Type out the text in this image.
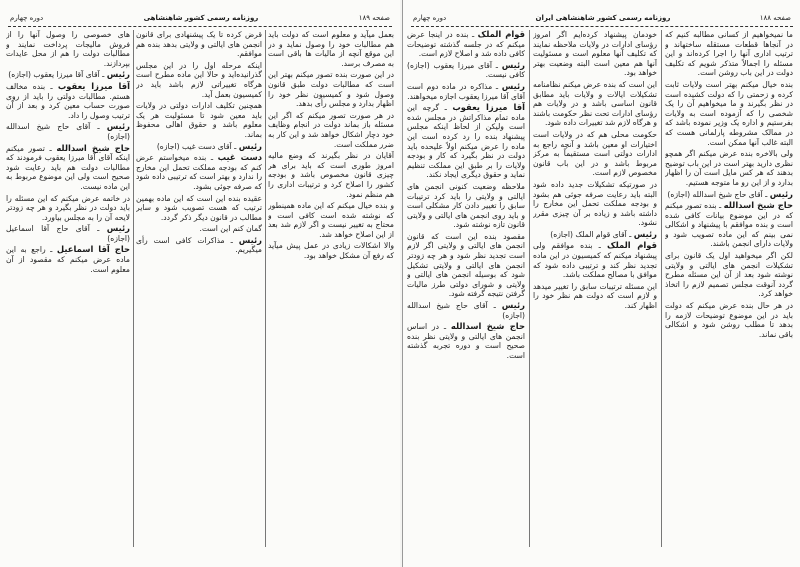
صفحه ۱۸۹
روزنامه رسمی کشور شاهنشاهی
دوره چهارم

بعمل میآید و معلوم است که دولت باید هم مطالبات خود را وصول نماید و در این موقع آنچه از مالیات ها باقی است به مصرف برسد.

در این صورت بنده تصور میکنم بهتر این است که مطالبات دولت طبق قانون وصول شود و کمیسیون نظر خود را اظهار بدارد و مجلس رأی بدهد.

در هر صورت تصور میکنم که اگر این مسئله باز بماند دولت در انجام وظایف خود دچار اشکال خواهد شد و این کار به ضرر مملکت است.

آقایان در نظر بگیرند که وضع مالیه امروز طوری است که باید برای هر چیزی قانون مخصوص باشد و بودجه کشور را اصلاح کرد و ترتیبات اداری را هم منظم نمود.

و بنده خیال میکنم که این ماده همینطور که نوشته شده است کافی است و محتاج به تغییر نیست و اگر لازم شد بعد از این اصلاح خواهد شد.

والا اشکالات زیادی در عمل پیش میآید که رفع آن مشکل خواهد بود.

قرض کرده تا یک پیشنهادی برای قانون انجمن های ایالتی و ولایتی بدهد بنده هم موافقم.

اینکه مرحله اول را در این مجلس گذرانیده‌اید و حالا این ماده مطرح است هرگاه تغییراتی لازم باشد باید در کمیسیون بعمل آید.

همچنین تکلیف ادارات دولتی در ولایات باید معین شود تا مسئولیت هر یک معلوم باشد و حقوق اهالی محفوظ بماند.

رئیس ـ آقای دست غیب (اجازه)

دست غیب ـ بنده میخواستم عرض کنم که بودجه مملکت تحمل این مخارج را ندارد و بهتر است که ترتیبی داده شود که صرفه جوئی بشود.

عقیده بنده این است که این ماده بهمین ترتیب که هست تصویب شود و سایر مطالب در قانون دیگر ذکر گردد.

گمان کنم این است.

رئیس ـ مذاکرات کافی است رأی میگیریم.

های خصوصی را وصول آنها را از فروش مالیجات پرداخت نمایند و مطالبات دولت را هم از محل عایدات بپردازند.

رئیس ـ آقای آقا میرزا یعقوب (اجازه)

آقا میرزا یعقوب ـ بنده مخالف هستم. مطالبات دولتی را باید از روی صورت حساب معین کرد و بعد از آن ترتیب وصول را داد.

رئیس ـ آقای حاج شیخ اسدالله (اجازه)

حاج شیخ اسدالله ـ تصور میکنم اینکه آقای آقا میرزا یعقوب فرمودند که مطالبات دولت هم باید رعایت شود صحیح است ولی این موضوع مربوط به این ماده نیست.

در خاتمه عرض میکنم که این مسئله را باید دولت در نظر بگیرد و هر چه زودتر لایحه آن را به مجلس بیاورد.

رئیس ـ آقای حاج آقا اسماعیل (اجازه)

حاج آقا اسماعیل ـ راجع به این ماده عرض میکنم که مقصود از آن معلوم است.

صفحه ۱۸۸
روزنامه رسمی کشور شاهنشاهی ایران
دوره چهارم

ما نمیخواهیم از کسانی مطالبه کنیم که در آنجاها قطعات مستقله ساختهاند و ترتیب اداری آنها را اجرا کرده‌اند و این مسئله را اجمالاً متذکر شویم که تکلیف دولت در این باب روشن است.

بنده خیال میکنم بهتر است ولایات ثابت کرده و زحمتی را که دولت کشیده است در نظر بگیرند و ما میخواهیم آن را یک شخصی را که آزموده است به ولایات بفرستیم و اداره یک وزیر نموده باشد که در ممالک مشروطه پارلمانی هست که البته غالب آنها ممکن است.

ولی بالاخره بنده عرض میکنم اگر همچو نظری دارید بهتر است در این باب توضیح بدهند که هر کس مایل است آن را اظهار بدارد و از این رو ما متوجه هستیم.

رئیس ـ آقای حاج شیخ اسدالله (اجازه)

حاج شیخ اسدالله ـ بنده تصور میکنم که در این موضوع بیانات کافی شده است و بنده موافقم با پیشنهاد و اشکالی نمی بینم که این ماده تصویب شود و ولایات دارای انجمن باشند.

لکن اگر میخواهید اول یک قانون برای تشکیلات انجمن های ایالتی و ولایتی نوشته شود بعد از آن این مسئله مطرح گردد آنوقت مجلس تصمیم لازم را اتخاذ خواهد کرد.

در هر حال بنده عرض میکنم که دولت باید در این موضوع توضیحات لازمه را بدهد تا مطلب روشن شود و اشکالی باقی نماند.

خودمان پیشنهاد کرده‌ایم اگر امروز رؤسای ادارات در ولایات ملاحظه نمایند که تکلیف آنها معلوم است و مسئولیت آنها هم معین است البته وضعیت بهتر خواهد بود.

این است که بنده عرض میکنم نظامنامه تشکیلات ایالات و ولایات باید مطابق قانون اساسی باشد و در ولایات هم رؤسای ادارات تحت نظر حکومت باشند و هرگاه لازم شد تغییرات داده شود.

حکومت محلی هم که در ولایات است اختیارات او معین باشد و آنچه راجع به ادارات دولتی است مستقیماً به مرکز مربوط باشد و در این باب قانون مخصوص لازم است.

در صورتیکه تشکیلات جدید داده شود البته باید رعایت صرفه جوئی هم بشود و بودجه مملکت تحمل این مخارج را داشته باشد و زیاده بر آن چیزی مقرر نشود.

رئیس ـ آقای قوام الملک (اجازه)

قوام الملک ـ بنده موافقم ولی پیشنهاد میکنم که کمیسیون در این ماده تجدید نظر کند و ترتیبی داده شود که موافق با مصالح مملکت باشد.

این مسئله ترتیبات سابق را تغییر میدهد و لازم است که دولت هم نظر خود را اظهار کند.

قوام الملک ـ بنده در اینجا عرض میکنم که در جلسه گذشته توضیحات کافی داده شد و اصلاح لازم است.

رئیس ـ آقای میرزا یعقوب (اجازه) کافی نیست.

رئیس ـ مذاکره در ماده دوم است آقای آقا میرزا یعقوب اجازه میخواهند.

آقا میرزا یعقوب ـ گرچه این ماده تمام مذاکراتش در مجلس شده است ولیکن از لحاظ اینکه مجلس پیشنهاد بنده را رد کرده است این ماده را عرض میکنم اولاً علیحده باید دولت در نظر بگیرد که کار و بودجه ولایات را بر طبق این مملکت تنظیم نماید و حقوق دیگری ایجاد نکند.

ملاحظه وضعیت کنونی انجمن های ایالتی و ولایتی را باید کرد ترتیبات سابق را تغییر دادن کار مشکلی است و باید روی انجمن های ایالتی و ولایتی قانون تازه نوشته شود.

مقصود بنده این است که قانون انجمن های ایالتی و ولایتی اگر لازم است تجدید نظر شود و هر چه زودتر انجمن های ایالتی و ولایتی تشکیل شود که بوسیله انجمن های ایالتی و ولایتی و شورای دولتی طرز مالیات گرفتن نتیجه گرفته شود.

رئیس ـ آقای حاج شیخ اسدالله (اجازه)

حاج شیخ اسدالله ـ در اساس انجمن های ایالتی و ولایتی نظر بنده صحیح است و دوره تجربه گذشته است.
